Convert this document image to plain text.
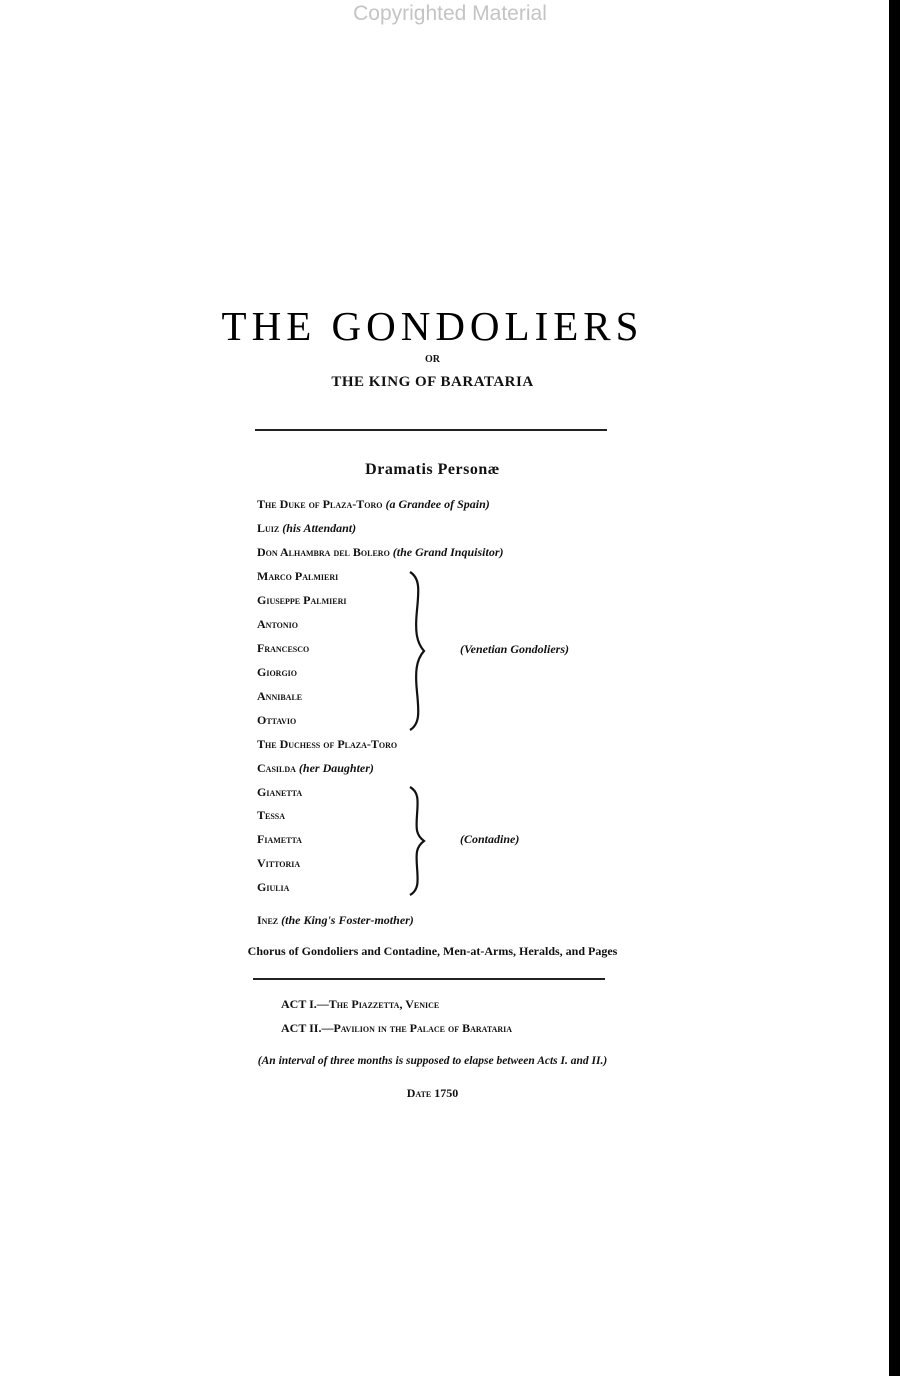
Copyrighted Material
THE GONDOLIERS
OR
THE KING OF BARATARIA
Dramatis Personæ
The Duke of Plaza-Toro (a Grandee of Spain)
Luiz (his Attendant)
Don Alhambra del Bolero (the Grand Inquisitor)
Marco Palmieri
Giuseppe Palmieri
Antonio
Francesco
Giorgio
Annibale
Ottavio
The Duchess of Plaza-Toro
Casilda (her Daughter)
Gianetta
Tessa
Fiametta
Vittoria
Giulia
Inez (the King's Foster-mother)
(Venetian Gondoliers)
(Contadine)
Chorus of Gondoliers and Contadine, Men-at-Arms, Heralds, and Pages
ACT I.—The Piazzetta, Venice
ACT II.—Pavilion in the Palace of Barataria
(An interval of three months is supposed to elapse between Acts I. and II.)
Date 1750
